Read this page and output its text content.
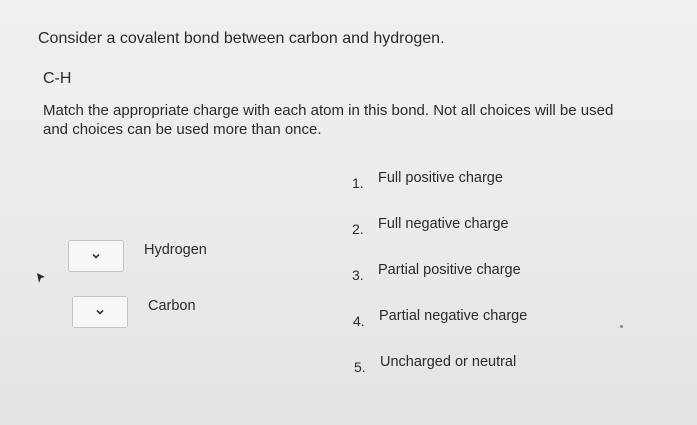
Consider a covalent bond between carbon and hydrogen.
C-H
Match the appropriate charge with each atom in this bond. Not all choices will be used and choices can be used more than once.
Hydrogen
Carbon
1. Full positive charge
2. Full negative charge
3. Partial positive charge
4. Partial negative charge
5. Uncharged or neutral
